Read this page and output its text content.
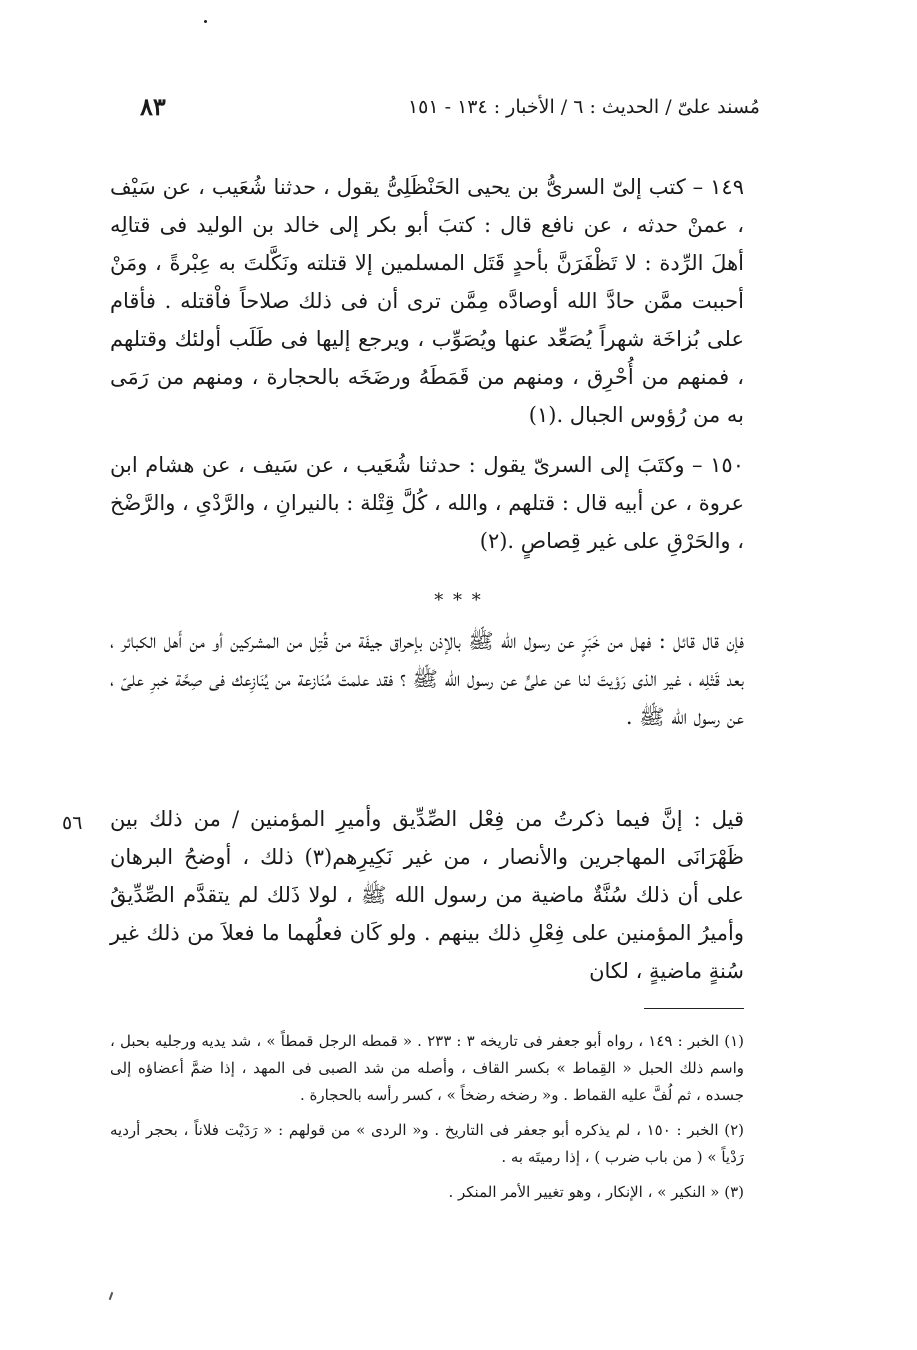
مُسند علىّ / الحديث : ٦ / الأخبار : ١٣٤ - ١٥١
٨٣

١٤٩ – كتب إلىّ السرىُّ بن يحيى الحَنْظَلِىُّ يقول ، حدثنا شُعَيب ، عن سَيْف ، عمنْ حدثه ، عن نافع قال : كتبَ أبو بكر إلى خالد بن الوليد فى قتالِه أهلَ الرِّدة : لا تَظْفَرَنَّ بأحدٍ قَتَل المسلمين إلا قتلته ونَكَّلتَ به عِبْرةً ، ومَنْ أحببت ممَّن حادَّ الله أوصادَّه مِمَّن ترى أن فى ذلك صلاحاً فاْقتله . فأقام على بُزاخَة شهراً يُصَعِّد عنها ويُصَوِّب ، ويرجع إليها فى طَلَب أولئك وقتلهم ، فمنهم من أُحْرِق ، ومنهم من قَمَطَهُ ورضَخَه بالحجارة ، ومنهم من رَمَى به من رُؤوس الجبال .(١)

١٥٠ – وكتَبَ إلى السرىّ يقول : حدثنا شُعَيب ، عن سَيف ، عن هشام ابن عروة ، عن أبيه قال : قتلهم ، والله ، كُلَّ قِتْلة : بالنيرانِ ، والرَّدْىِ ، والرَّضْخ ، والحَرْقِ على غير قِصاصٍ .(٢)

* * *

فإن قال قائل : فهل من خَبَرٍ عن رسول الله ﷺ بالإذن بإحراق جيفَة من قُتِل من المشركين أو من أَهل الكبائر ، بعد قَتْلِه ، غير الذى رَوْيتَ لنا عن علىٍّ عن رسول الله ﷺ ؟ فقد علمتَ مُنَازعة من يُنَازِعك فى صِحَّة خبرِ علىّ ، عن رسول الله ﷺ .

٥٦ قيل : إنَّ فيما ذكرتُ من فِعْل الصِّدِّيق وأميرِ المؤمنين / من ذلك بين ظَهْرَانَى المهاجرين والأنصار ، من غير نَكِيرِهم(٣) ذلك ، أوضحُ البرهان على أن ذلك سُنَّةٌ ماضية من رسول الله ﷺ ، لولا ذَلك لم يتقدَّم الصِّدِّيقُ وأميرُ المؤمنين على فِعْلِ ذلك بينهم . ولو كَان فعلُهما ما فعلاَ من ذلك غير سُنةٍ ماضيةٍ ، لكان

(١) الخبر : ١٤٩ ، رواه أبو جعفر فى تاريخه ٣ : ٢٣٣ . « قمطه الرجل قمطاً » ، شد يديه ورجليه بحبل ، واسم ذلك الحبل « القِماط » بكسر القاف ، وأصله من شد الصبى فى المهد ، إذا ضمَّ أعضاؤه إلى جسده ، ثم لُفَّ عليه القماط . و« رضخه رضخاً » ، كسر رأسه بالحجارة .

(٢) الخبر : ١٥٠ ، لم يذكره أبو جعفر فى التاريخ . و« الردى » من قولهم : « رَدَيْت فلاناً ، بحجر أرديه رَدْياً » ( من باب ضرب ) ، إذا رميتَه به .

(٣) « النكير » ، الإنكار ، وهو تغيير الأمر المنكر .
